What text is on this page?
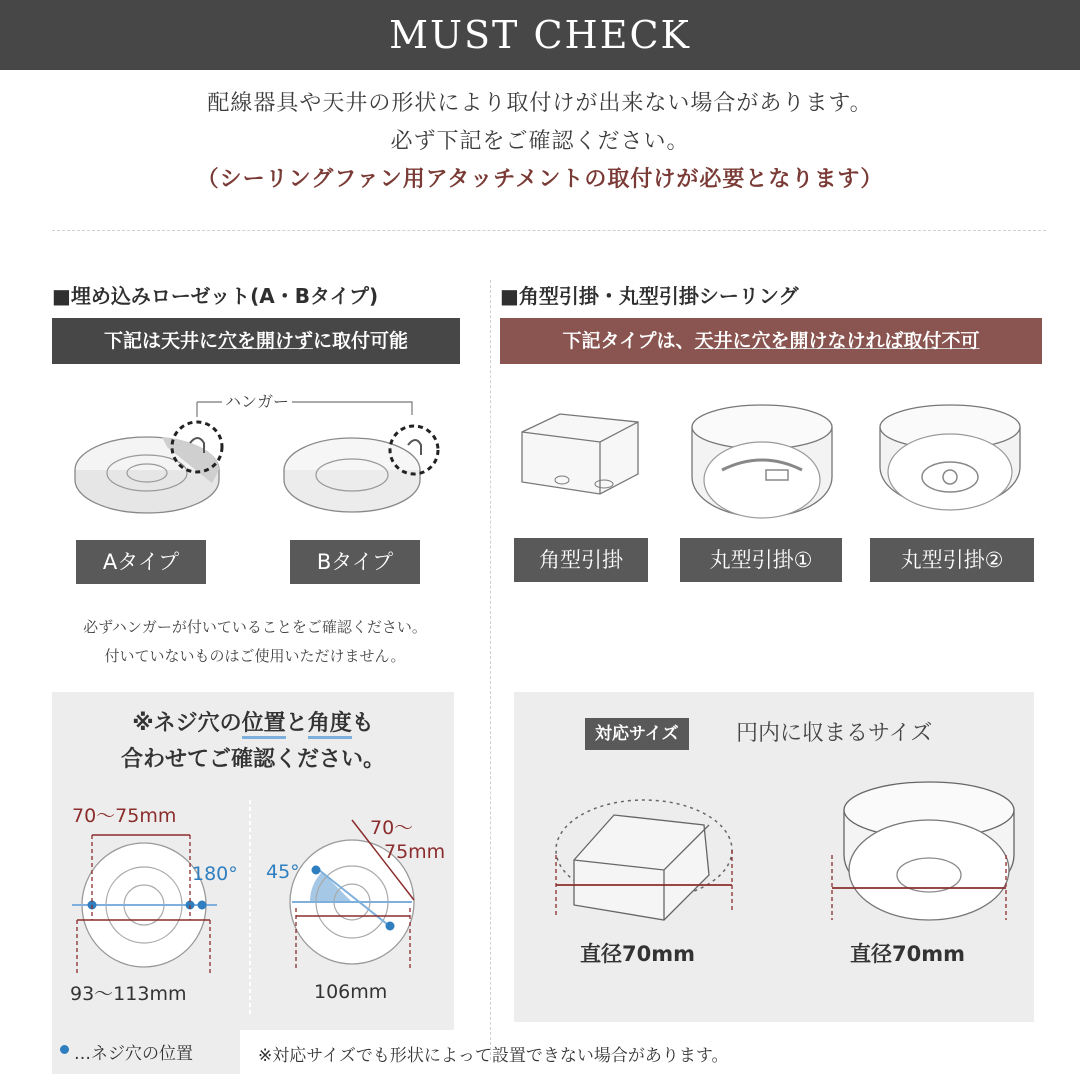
MUST CHECK
配線器具や天井の形状により取付けが出来ない場合があります。
必ず下記をご確認ください。
（シーリングファン用アタッチメントの取付けが必要となります）
■埋め込みローゼット(A・Bタイプ)
下記は天井に穴を開けずに取付可能
ハンガー
Aタイプ	Bタイプ
必ずハンガーが付いていることをご確認ください。
付いていないものはご使用いただけません。
※ネジ穴の位置と角度も
合わせてご確認ください。
70～75mm
180°
93～113mm
45°
70～
75mm
106mm
…ネジ穴の位置
■角型引掛・丸型引掛シーリング
下記タイプは、天井に穴を開けなければ取付不可
角型引掛	丸型引掛①	丸型引掛②
対応サイズ	円内に収まるサイズ
直径70mm	直径70mm
※対応サイズでも形状によって設置できない場合があります。
